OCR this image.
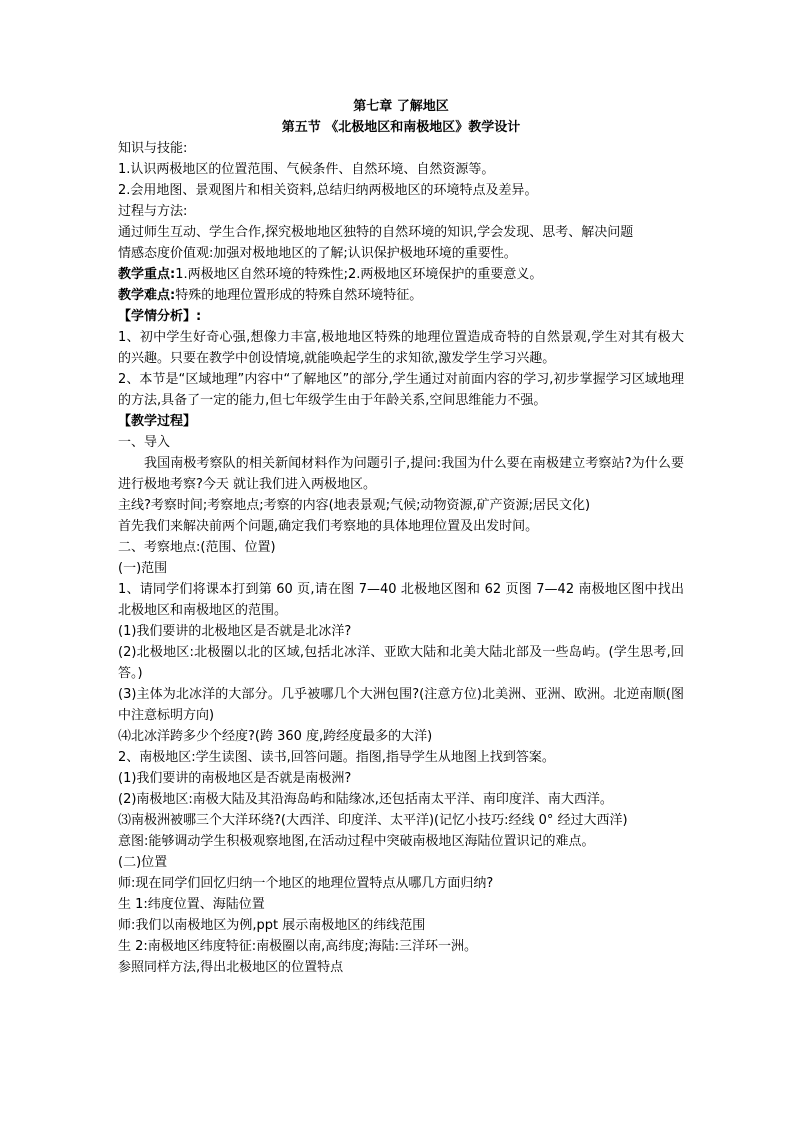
第七章 了解地区

第五节 《北极地区和南极地区》教学设计

知识与技能:

1.认识两极地区的位置范围、气候条件、自然环境、自然资源等。

2.会用地图、景观图片和相关资料,总结归纳两极地区的环境特点及差异。

过程与方法:

通过师生互动、学生合作,探究极地地区独特的自然环境的知识,学会发现、思考、解决问题

情感态度价值观:加强对极地地区的了解;认识保护极地环境的重要性。

教学重点:1.两极地区自然环境的特殊性;2.两极地区环境保护的重要意义。

教学难点:特殊的地理位置形成的特殊自然环境特征。

【学情分析】:

1、初中学生好奇心强,想像力丰富,极地地区特殊的地理位置造成奇特的自然景观,学生对其有极大的兴趣。只要在教学中创设情境,就能唤起学生的求知欲,激发学生学习兴趣。

2、本节是“区域地理”内容中“了解地区”的部分,学生通过对前面内容的学习,初步掌握学习区域地理的方法,具备了一定的能力,但七年级学生由于年龄关系,空间思维能力不强。

【教学过程】

一、导入

我国南极考察队的相关新闻材料作为问题引子,提问:我国为什么要在南极建立考察站?为什么要进行极地考察?今天 就让我们进入两极地区。

主线?考察时间;考察地点;考察的内容(地表景观;气候;动物资源,矿产资源;居民文化)

首先我们来解决前两个问题,确定我们考察地的具体地理位置及出发时间。

二、考察地点:(范围、位置)

(一)范围

1、请同学们将课本打到第 60 页,请在图 7—40 北极地区图和 62 页图 7—42 南极地区图中找出北极地区和南极地区的范围。

(1)我们要讲的北极地区是否就是北冰洋?

(2)北极地区:北极圈以北的区域,包括北冰洋、亚欧大陆和北美大陆北部及一些岛屿。(学生思考,回答。)

(3)主体为北冰洋的大部分。几乎被哪几个大洲包围?(注意方位)北美洲、亚洲、欧洲。北逆南顺(图中注意标明方向)

⑷北冰洋跨多少个经度?(跨 360 度,跨经度最多的大洋)

2、南极地区:学生读图、读书,回答问题。指图,指导学生从地图上找到答案。

(1)我们要讲的南极地区是否就是南极洲?

(2)南极地区:南极大陆及其沿海岛屿和陆缘冰,还包括南太平洋、南印度洋、南大西洋。

⑶南极洲被哪三个大洋环绕?(大西洋、印度洋、太平洋)(记忆小技巧:经线 0° 经过大西洋)

意图:能够调动学生积极观察地图,在活动过程中突破南极地区海陆位置识记的难点。

(二)位置

师:现在同学们回忆归纳一个地区的地理位置特点从哪几方面归纳?

生 1:纬度位置、海陆位置

师:我们以南极地区为例,ppt 展示南极地区的纬线范围

生 2:南极地区纬度特征:南极圈以南,高纬度;海陆:三洋环一洲。

参照同样方法,得出北极地区的位置特点
